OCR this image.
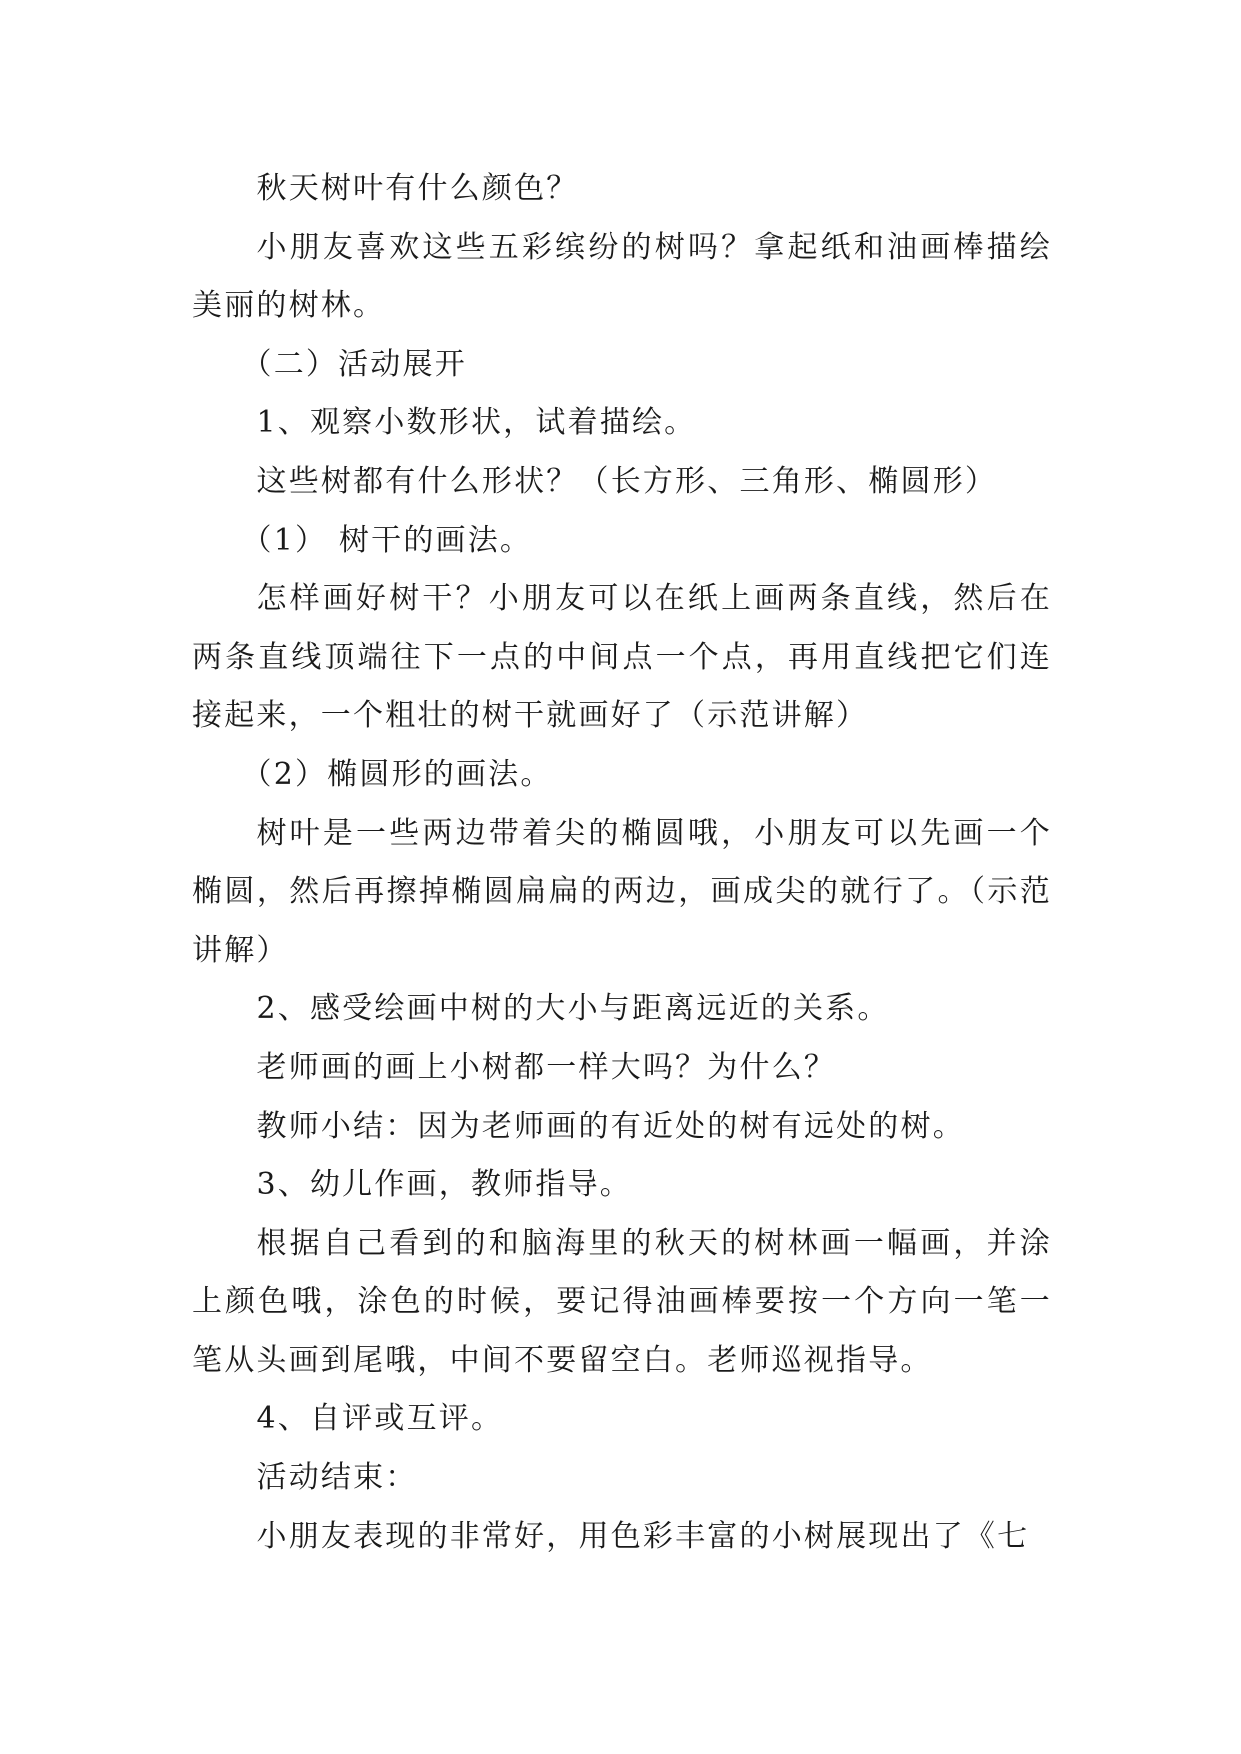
秋天树叶有什么颜色？

小朋友喜欢这些五彩缤纷的树吗？拿起纸和油画棒描绘美丽的树林。

（二）活动展开

1、观察小数形状，试着描绘。

这些树都有什么形状？（长方形、三角形、椭圆形）

（1） 树干的画法。

怎样画好树干？小朋友可以在纸上画两条直线，然后在两条直线顶端往下一点的中间点一个点，再用直线把它们连接起来，一个粗壮的树干就画好了（示范讲解）

（2）椭圆形的画法。

树叶是一些两边带着尖的椭圆哦，小朋友可以先画一个椭圆，然后再擦掉椭圆扁扁的两边，画成尖的就行了。（示范讲解）

2、感受绘画中树的大小与距离远近的关系。

老师画的画上小树都一样大吗？为什么？

教师小结：因为老师画的有近处的树有远处的树。

3、幼儿作画，教师指导。

根据自己看到的和脑海里的秋天的树林画一幅画，并涂上颜色哦，涂色的时候，要记得油画棒要按一个方向一笔一笔从头画到尾哦，中间不要留空白。老师巡视指导。

4、自评或互评。

活动结束：

小朋友表现的非常好，用色彩丰富的小树展现出了《七
